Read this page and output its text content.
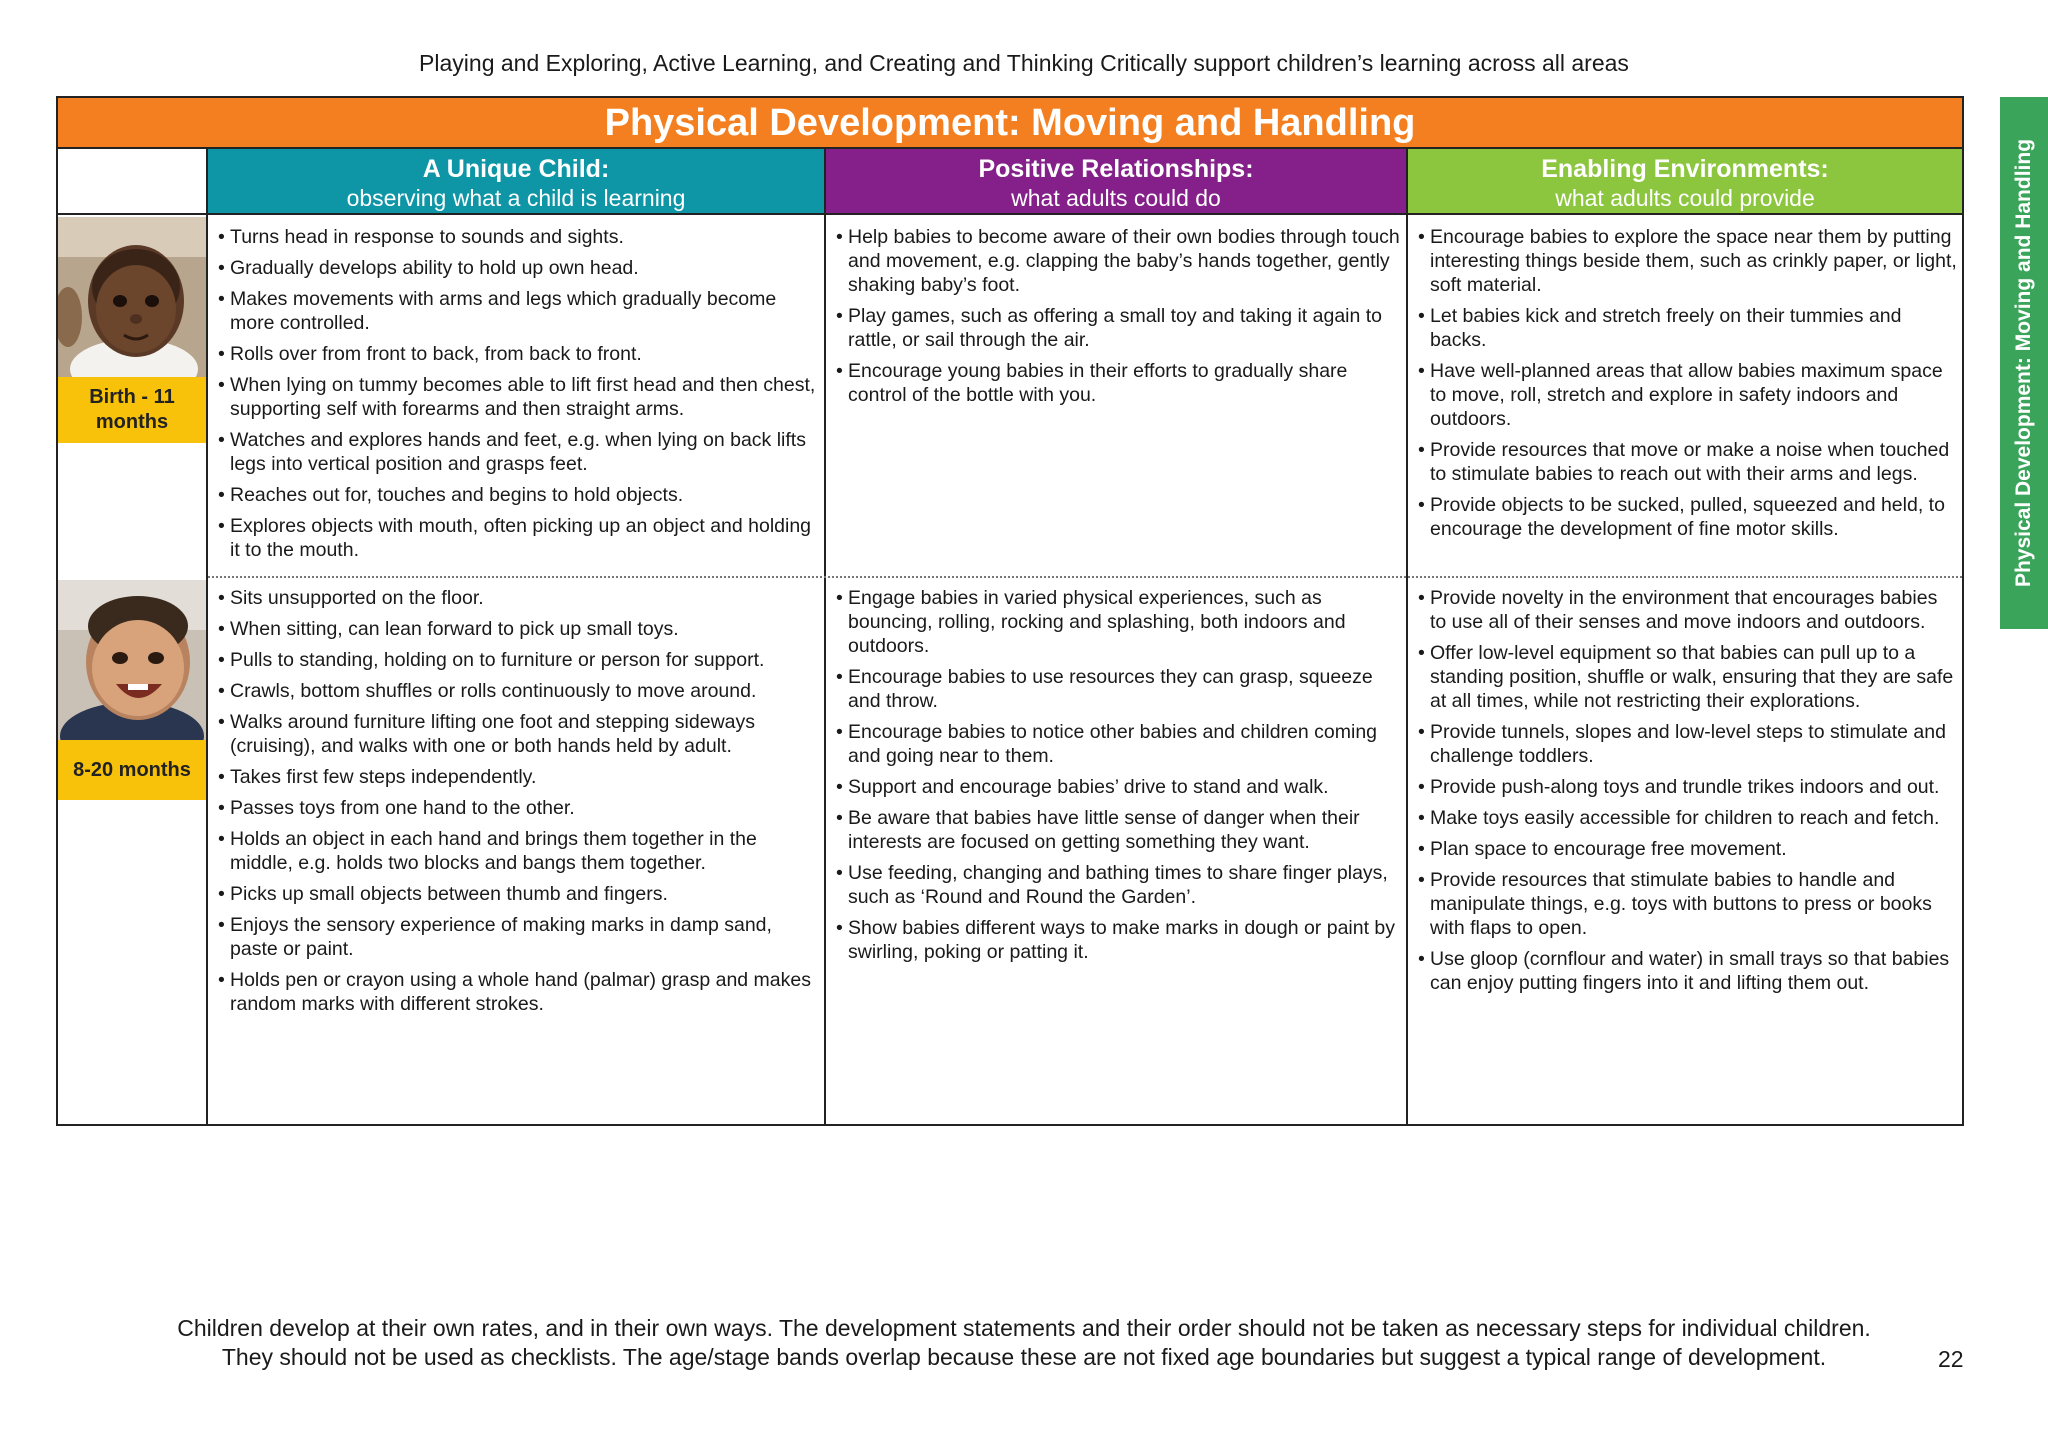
Playing and Exploring, Active Learning, and Creating and Thinking Critically support children’s learning across all areas
Physical Development: Moving and Handling
Physical Development: Moving and Handling
A Unique Child:
observing what a child is learning
Positive Relationships:
what adults could do
Enabling Environments:
what adults could provide
Birth - 11 months
• Turns head in response to sounds and sights.
• Gradually develops ability to hold up own head.
• Makes movements with arms and legs which gradually become more controlled.
• Rolls over from front to back, from back to front.
• When lying on tummy becomes able to lift first head and then chest, supporting self with forearms and then straight arms.
• Watches and explores hands and feet, e.g. when lying on back lifts legs into vertical position and grasps feet.
• Reaches out for, touches and begins to hold objects.
• Explores objects with mouth, often picking up an object and holding it to the mouth.
• Help babies to become aware of their own bodies through touch and movement, e.g. clapping the baby’s hands together, gently shaking baby’s foot.
• Play games, such as offering a small toy and taking it again to rattle, or sail through the air.
• Encourage young babies in their efforts to gradually share control of the bottle with you.
• Encourage babies to explore the space near them by putting interesting things beside them, such as crinkly paper, or light, soft material.
• Let babies kick and stretch freely on their tummies and backs.
• Have well-planned areas that allow babies maximum space to move, roll, stretch and explore in safety indoors and outdoors.
• Provide resources that move or make a noise when touched to stimulate babies to reach out with their arms and legs.
• Provide objects to be sucked, pulled, squeezed and held, to encourage the development of fine motor skills.
8-20 months
• Sits unsupported on the floor.
• When sitting, can lean forward to pick up small toys.
• Pulls to standing, holding on to furniture or person for support.
• Crawls, bottom shuffles or rolls continuously to move around.
• Walks around furniture lifting one foot and stepping sideways (cruising), and walks with one or both hands held by adult.
• Takes first few steps independently.
• Passes toys from one hand to the other.
• Holds an object in each hand and brings them together in the middle, e.g. holds two blocks and bangs them together.
• Picks up small objects between thumb and fingers.
• Enjoys the sensory experience of making marks in damp sand, paste or paint.
• Holds pen or crayon using a whole hand (palmar) grasp and makes random marks with different strokes.
• Engage babies in varied physical experiences, such as bouncing, rolling, rocking and splashing, both indoors and outdoors.
• Encourage babies to use resources they can grasp, squeeze and throw.
• Encourage babies to notice other babies and children coming and going near to them.
• Support and encourage babies’ drive to stand and walk.
• Be aware that babies have little sense of danger when their interests are focused on getting something they want.
• Use feeding, changing and bathing times to share finger plays, such as ‘Round and Round the Garden’.
• Show babies different ways to make marks in dough or paint by swirling, poking or patting it.
• Provide novelty in the environment that encourages babies to use all of their senses and move indoors and outdoors.
• Offer low-level equipment so that babies can pull up to a standing position, shuffle or walk, ensuring that they are safe at all times, while not restricting their explorations.
• Provide tunnels, slopes and low-level steps to stimulate and challenge toddlers.
• Provide push-along toys and trundle trikes indoors and out.
• Make toys easily accessible for children to reach and fetch.
• Plan space to encourage free movement.
• Provide resources that stimulate babies to handle and manipulate things, e.g. toys with buttons to press or books with flaps to open.
• Use gloop (cornflour and water) in small trays so that babies can enjoy putting fingers into it and lifting them out.
Children develop at their own rates, and in their own ways. The development statements and their order should not be taken as necessary steps for individual children.
They should not be used as checklists. The age/stage bands overlap because these are not fixed age boundaries but suggest a typical range of development.	22
